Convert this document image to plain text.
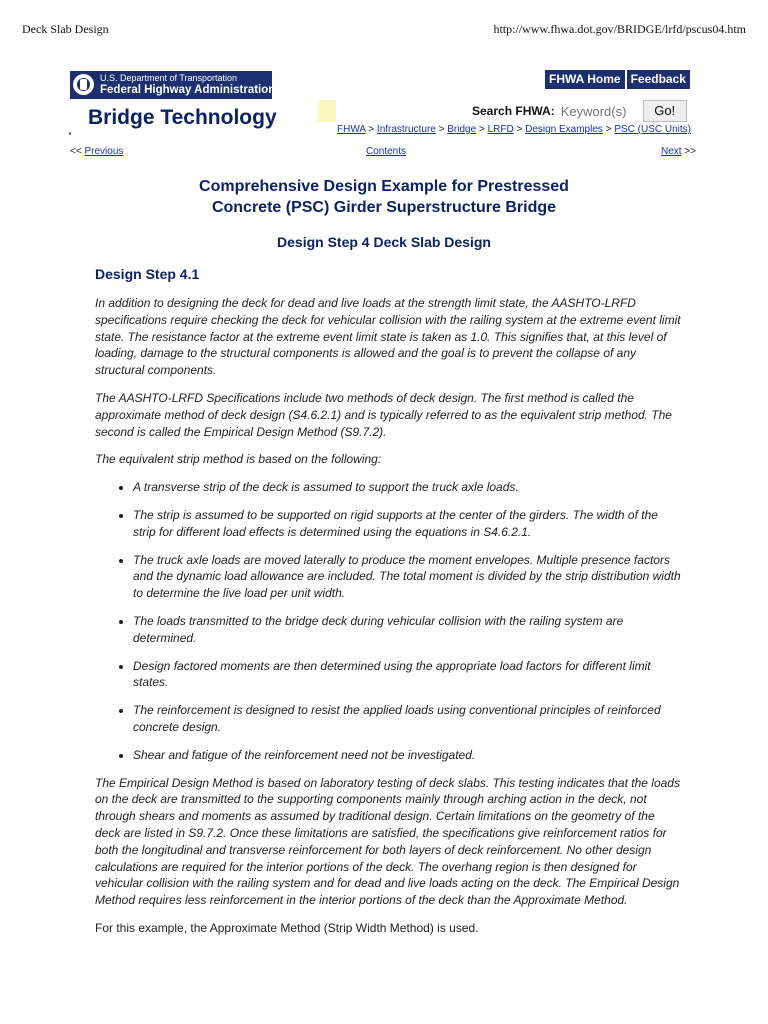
Deck Slab Design	http://www.fhwa.dot.gov/BRIDGE/lrfd/pscus04.htm
U.S. Department of Transportation
Federal Highway Administration
Bridge Technology
FHWA Home Feedback
Search FHWA:
Keyword(s)	Go!
FHWA > Infrastructure > Bridge > LRFD > Design Examples > PSC (USC Units)
<< Previous	Contents	Next >>
Comprehensive Design Example for Prestressed
Concrete (PSC) Girder Superstructure Bridge
Design Step 4 Deck Slab Design
Design Step 4.1

In addition to designing the deck for dead and live loads at the strength limit state, the AASHTO-LRFD specifications require checking the deck for vehicular collision with the railing system at the extreme event limit state. The resistance factor at the extreme event limit state is taken as 1.0. This signifies that, at this level of loading, damage to the structural components is allowed and the goal is to prevent the collapse of any structural components.

The AASHTO-LRFD Specifications include two methods of deck design. The first method is called the approximate method of deck design (S4.6.2.1) and is typically referred to as the equivalent strip method. The second is called the Empirical Design Method (S9.7.2).

The equivalent strip method is based on the following:

• A transverse strip of the deck is assumed to support the truck axle loads.
• The strip is assumed to be supported on rigid supports at the center of the girders. The width of the strip for different load effects is determined using the equations in S4.6.2.1.
• The truck axle loads are moved laterally to produce the moment envelopes. Multiple presence factors and the dynamic load allowance are included. The total moment is divided by the strip distribution width to determine the live load per unit width.
• The loads transmitted to the bridge deck during vehicular collision with the railing system are determined.
• Design factored moments are then determined using the appropriate load factors for different limit states.
• The reinforcement is designed to resist the applied loads using conventional principles of reinforced concrete design.
• Shear and fatigue of the reinforcement need not be investigated.

The Empirical Design Method is based on laboratory testing of deck slabs. This testing indicates that the loads on the deck are transmitted to the supporting components mainly through arching action in the deck, not through shears and moments as assumed by traditional design. Certain limitations on the geometry of the deck are listed in S9.7.2. Once these limitations are satisfied, the specifications give reinforcement ratios for both the longitudinal and transverse reinforcement for both layers of deck reinforcement. No other design calculations are required for the interior portions of the deck. The overhang region is then designed for vehicular collision with the railing system and for dead and live loads acting on the deck. The Empirical Design Method requires less reinforcement in the interior portions of the deck than the Approximate Method.

For this example, the Approximate Method (Strip Width Method) is used.
